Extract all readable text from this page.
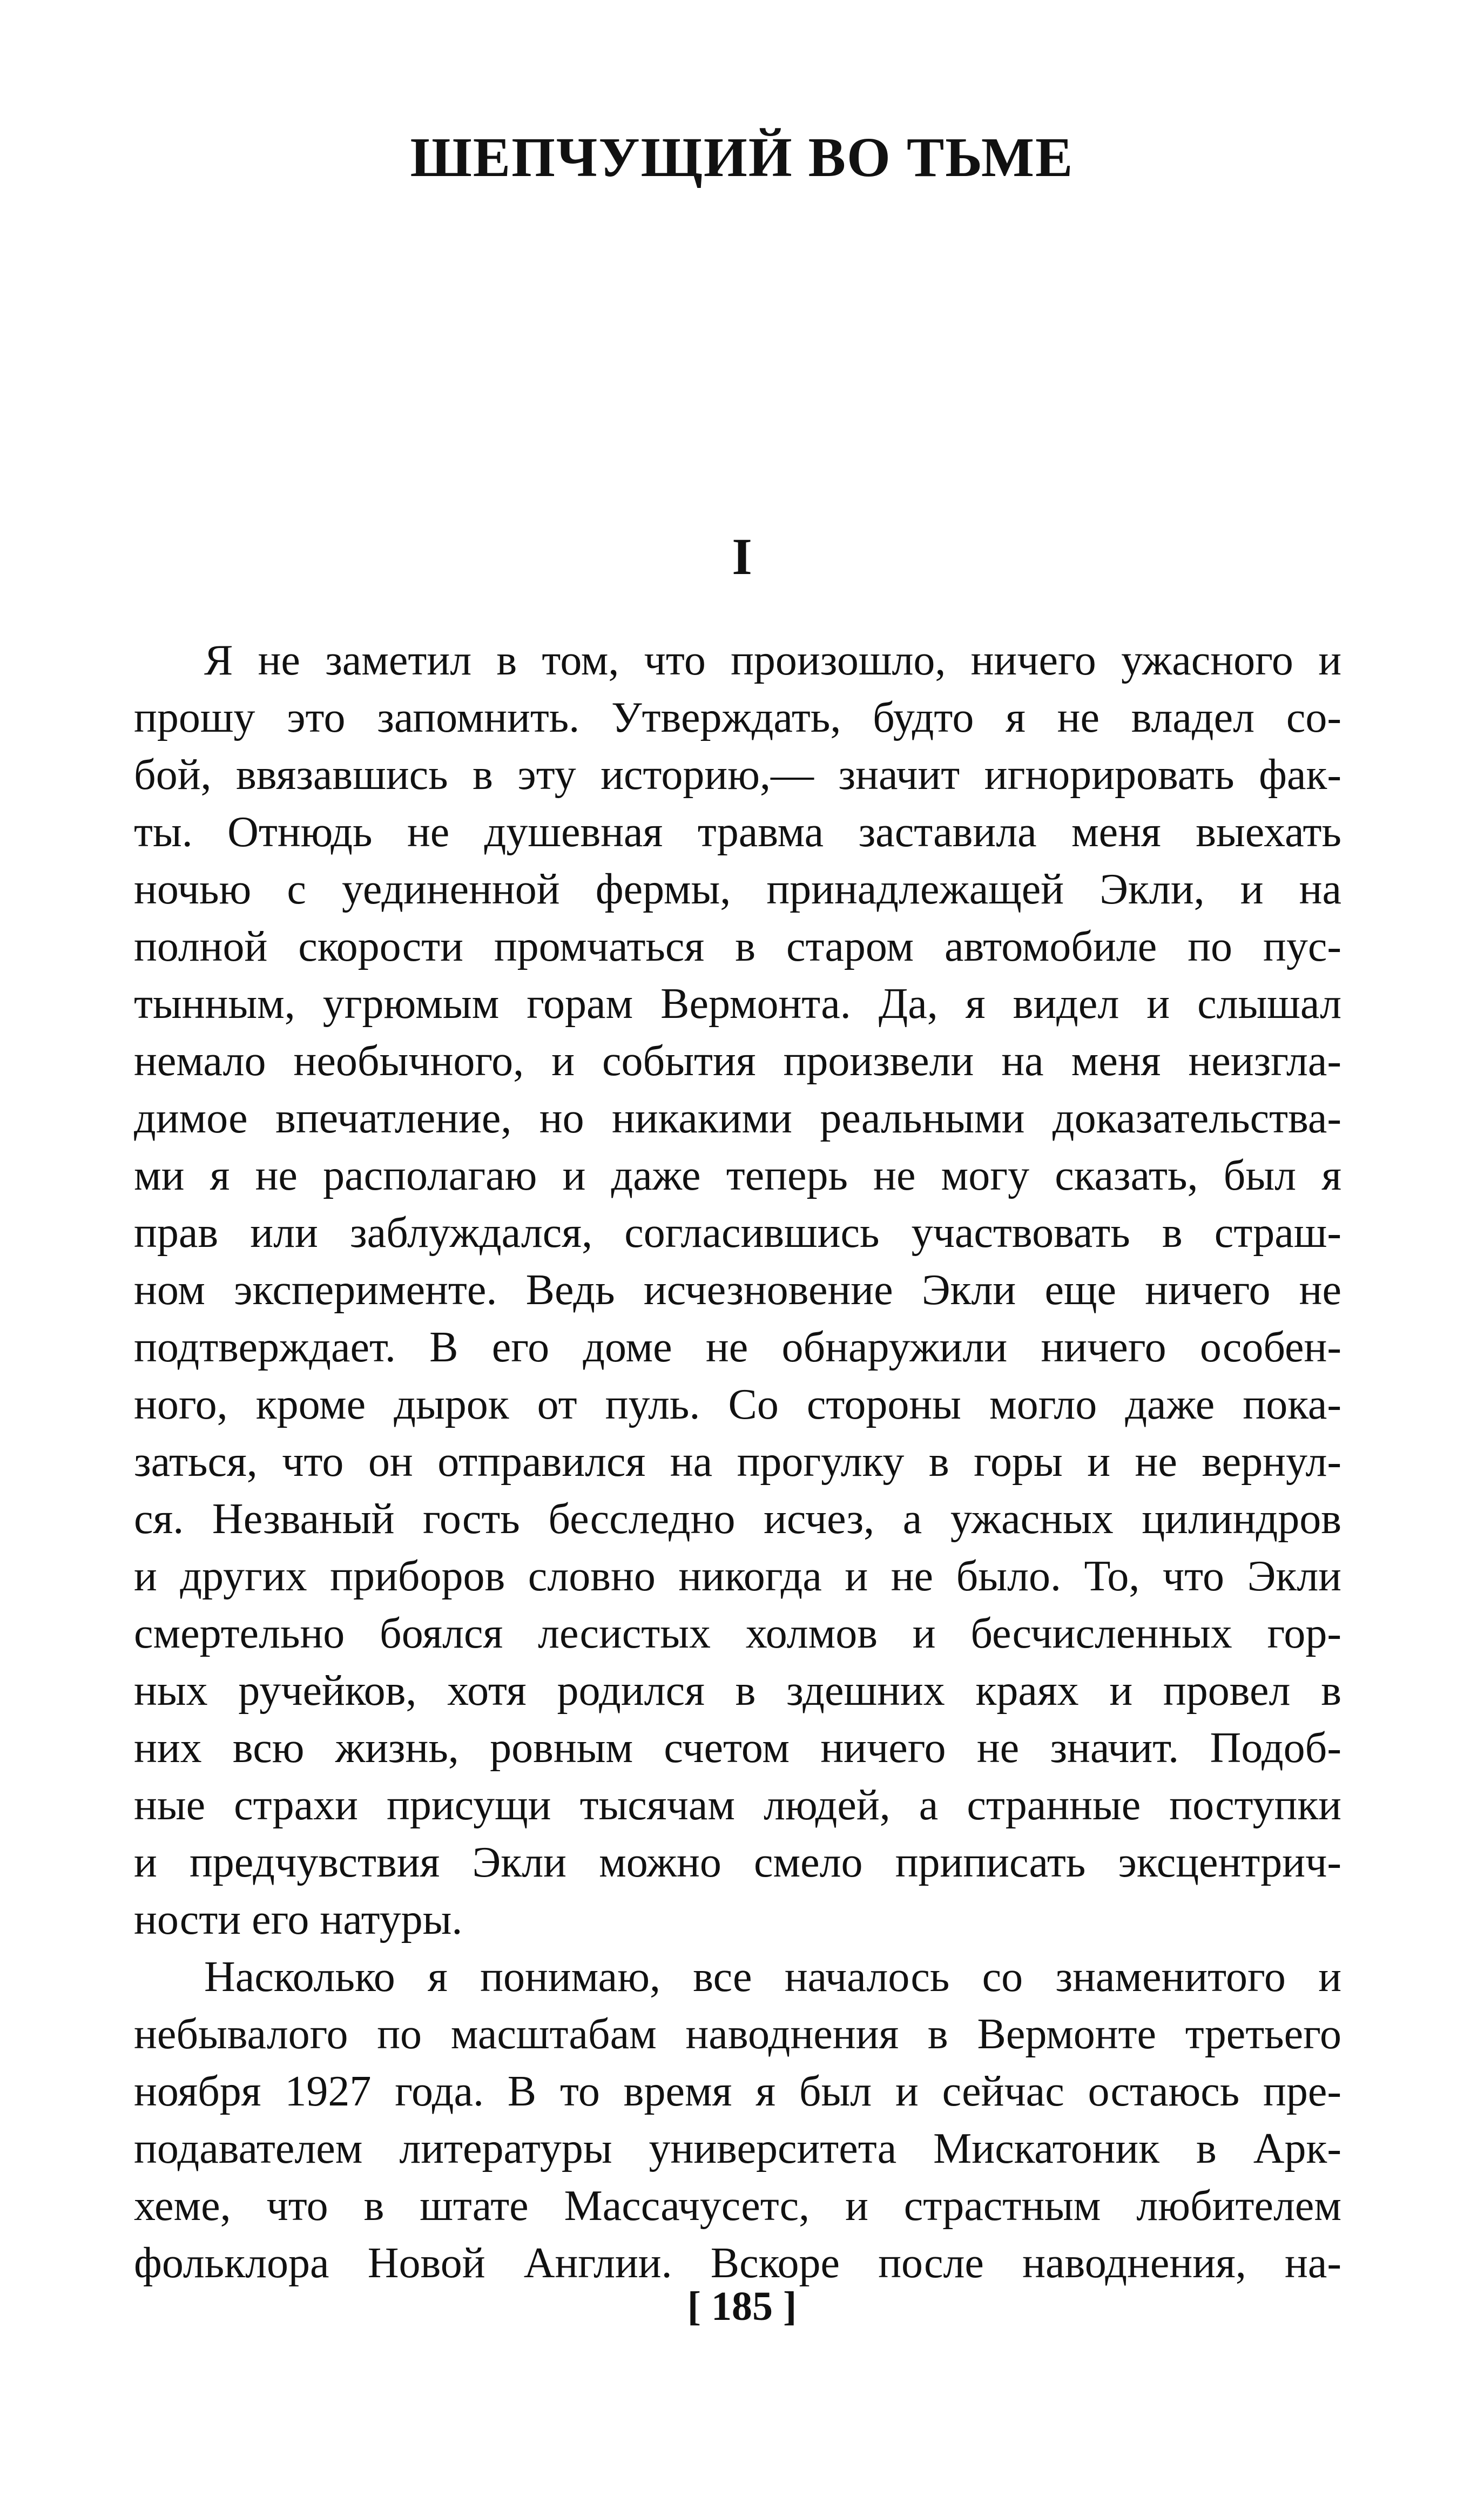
ШЕПЧУЩИЙ ВО ТЬМЕ
I
Я не заметил в том, что произошло, ничего ужасного и
прошу это запомнить. Утверждать, будто я не владел со-
бой, ввязавшись в эту историю,— значит игнорировать фак-
ты. Отнюдь не душевная травма заставила меня выехать
ночью с уединенной фермы, принадлежащей Экли, и на
полной скорости промчаться в старом автомобиле по пус-
тынным, угрюмым горам Вермонта. Да, я видел и слышал
немало необычного, и события произвели на меня неизгла-
димое впечатление, но никакими реальными доказательства-
ми я не располагаю и даже теперь не могу сказать, был я
прав или заблуждался, согласившись участвовать в страш-
ном эксперименте. Ведь исчезновение Экли еще ничего не
подтверждает. В его доме не обнаружили ничего особен-
ного, кроме дырок от пуль. Со стороны могло даже пока-
заться, что он отправился на прогулку в горы и не вернул-
ся. Незваный гость бесследно исчез, а ужасных цилиндров
и других приборов словно никогда и не было. То, что Экли
смертельно боялся лесистых холмов и бесчисленных гор-
ных ручейков, хотя родился в здешних краях и провел в
них всю жизнь, ровным счетом ничего не значит. Подоб-
ные страхи присущи тысячам людей, а странные поступки
и предчувствия Экли можно смело приписать эксцентрич-
ности его натуры.
Насколько я понимаю, все началось со знаменитого и
небывалого по масштабам наводнения в Вермонте третьего
ноября 1927 года. В то время я был и сейчас остаюсь пре-
подавателем литературы университета Мискатоник в Арк-
хеме, что в штате Массачусетс, и страстным любителем
фольклора Новой Англии. Вскоре после наводнения, на-
[ 185 ]
